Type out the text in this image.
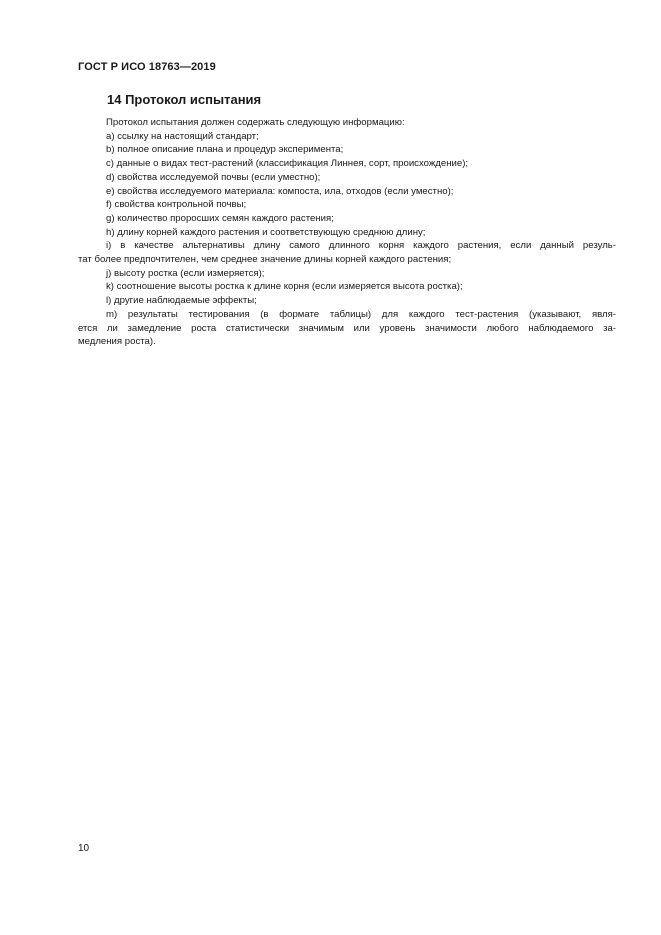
ГОСТ Р ИСО 18763—2019
14 Протокол испытания
Протокол испытания должен содержать следующую информацию:
а) ссылку на настоящий стандарт;
b) полное описание плана и процедур эксперимента;
c) данные о видах тест-растений (классификация Линнея, сорт, происхождение);
d) свойства исследуемой почвы (если уместно);
e) свойства исследуемого материала: компоста, ила, отходов (если уместно);
f) свойства контрольной почвы;
g) количество проросших семян каждого растения;
h) длину корней каждого растения и соответствующую среднюю длину;
i) в качестве альтернативы длину самого длинного корня каждого растения, если данный резуль-
тат более предпочтителен, чем среднее значение длины корней каждого растения;
j) высоту ростка (если измеряется);
k) соотношение высоты ростка к длине корня (если измеряется высота ростка);
l) другие наблюдаемые эффекты;
m) результаты тестирования (в формате таблицы) для каждого тест-растения (указывают, явля-
ется ли замедление роста статистически значимым или уровень значимости любого наблюдаемого за-
медления роста).
10
